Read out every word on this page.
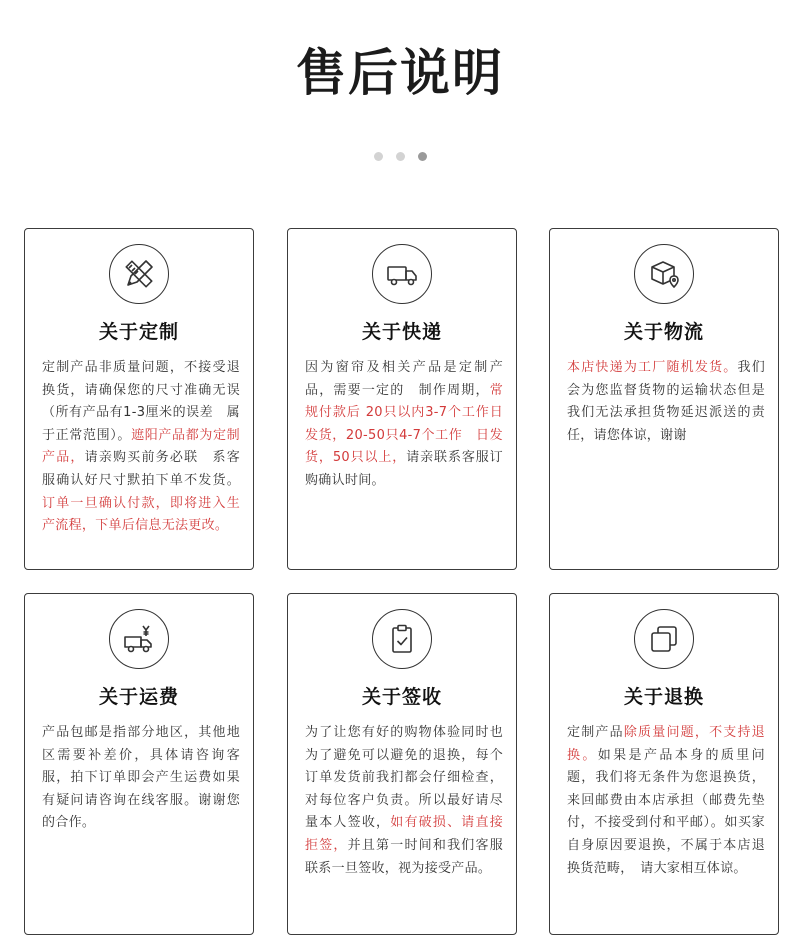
售后说明
关于定制
定制产品非质量问题，不接受退换货，请确保您的尺寸准确无误（所有产品有1-3厘米的误差　属于正常范围）。遮阳产品都为定制产品，请亲购买前务必联　系客服确认好尺寸默拍下单不发货。订单一旦确认付款，即将进入生产流程，下单后信息无法更改。
关于快递
因为窗帘及相关产品是定制产品，需要一定的　制作周期，常规付款后 20只以内3-7个工作日发货，20-50只4-7个工作　日发货，50只以上，请亲联系客服订购确认时间。
关于物流
本店快递为工厂随机发货。我们会为您监督货物的运输状态但是　我们无法承担货物延迟派送的责任，请您体谅，谢谢
关于运费
产品包邮是指部分地区，其他地区需要补差价，具体请咨询客服，拍下订单即会产生运费如果有疑问请咨询在线客服。谢谢您的合作。
关于签收
为了让您有好的购物体验同时也为了避免可以避免的退换，每个订单发货前我扪都会仔细检查，对每位客户负责。所以最好请尽量本人签收，如有破损、请直接拒签，并且第一时间和我们客服联系一旦签收，视为接受产品。
关于退换
定制产品除质量问题，不支持退换。如果是产品本身的质里问题，我们将无条件为您退换货，来回邮费由本店承担（邮费先垫付，不接受到付和平邮）。如买家自身原因要退换，不属于本店退换货范畴，　请大家相互体谅。
